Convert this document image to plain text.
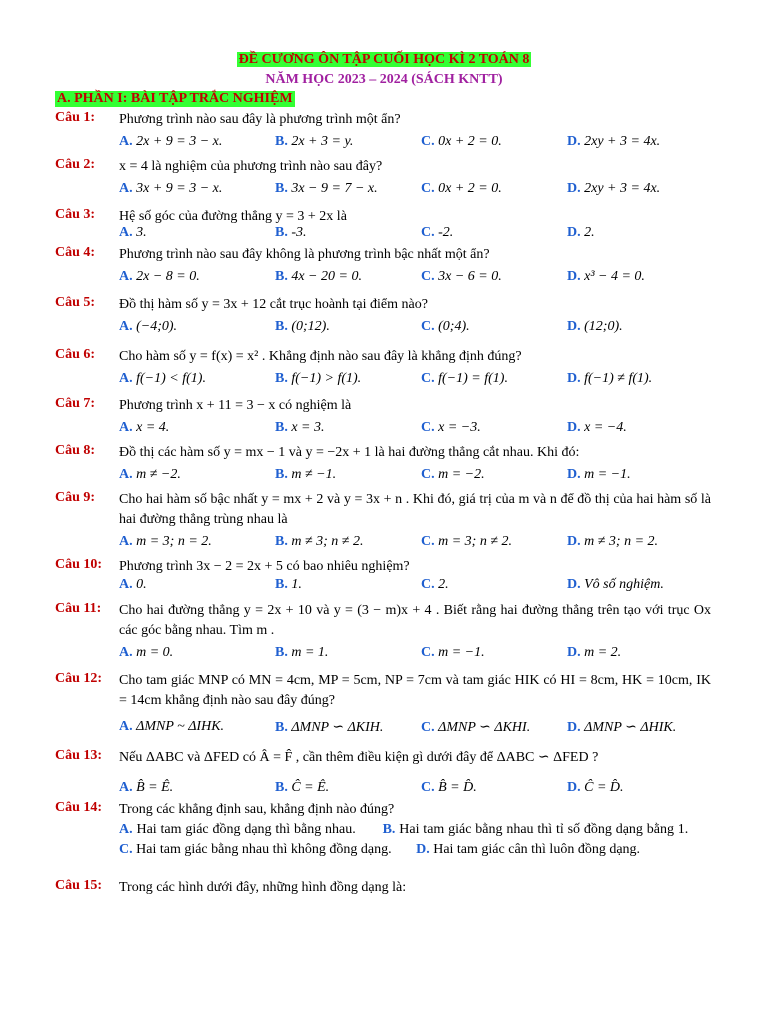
ĐỀ CƯƠNG ÔN TẬP CUỐI HỌC KÌ 2 TOÁN 8
NĂM HỌC 2023 – 2024 (SÁCH KNTT)
A. PHẦN I: BÀI TẬP TRẮC NGHIỆM
Câu 1: Phương trình nào sau đây là phương trình một ẩn?
A. 2x + 9 = 3 − x.	B. 2x + 3 = y.	C. 0x + 2 = 0.	D. 2xy + 3 = 4x.
Câu 2: x = 4 là nghiệm của phương trình nào sau đây?
A. 3x + 9 = 3 − x.	B. 3x − 9 = 7 − x.	C. 0x + 2 = 0.	D. 2xy + 3 = 4x.
Câu 3: Hệ số góc của đường thẳng y = 3 + 2x là
A. 3.	B. -3.	C. -2.	D. 2.
Câu 4: Phương trình nào sau đây không là phương trình bậc nhất một ẩn?
A. 2x − 8 = 0.	B. 4x − 20 = 0.	C. 3x − 6 = 0.	D. x³ − 4 = 0.
Câu 5: Đồ thị hàm số y = 3x + 12 cắt trục hoành tại điểm nào?
A. (−4;0).	B. (0;12).	C. (0;4).	D. (12;0).
Câu 6: Cho hàm số y = f(x) = x² . Khẳng định nào sau đây là khẳng định đúng?
A. f(−1) < f(1).	B. f(−1) > f(1).	C. f(−1) = f(1).	D. f(−1) ≠ f(1).
Câu 7: Phương trình x + 11 = 3 − x có nghiệm là
A. x = 4.	B. x = 3.	C. x = −3.	D. x = −4.
Câu 8: Đồ thị các hàm số y = mx − 1 và y = −2x + 1 là hai đường thẳng cắt nhau. Khi đó:
A. m ≠ −2.	B. m ≠ −1.	C. m = −2.	D. m = −1.
Câu 9: Cho hai hàm số bậc nhất y = mx + 2 và y = 3x + n . Khi đó, giá trị của m và n để đồ thị của hai hàm số là hai đường thẳng trùng nhau là
A. m = 3; n = 2.	B. m ≠ 3; n ≠ 2.	C. m = 3; n ≠ 2.	D. m ≠ 3; n = 2.
Câu 10: Phương trình 3x − 2 = 2x + 5 có bao nhiêu nghiệm?
A. 0.	B. 1.	C. 2.	D. Vô số nghiệm.
Câu 11: Cho hai đường thẳng y = 2x + 10 và y = (3 − m)x + 4 . Biết rằng hai đường thẳng trên tạo với trục Ox các góc bằng nhau. Tìm m .
A. m = 0.	B. m = 1.	C. m = −1.	D. m = 2.
Câu 12: Cho tam giác MNP có MN = 4cm, MP = 5cm, NP = 7cm và tam giác HIK có HI = 8cm, HK = 10cm, IK = 14cm khẳng định nào sau đây đúng?
A. ΔMNP ~ ΔIHK.	B. ΔMNP ∽ ΔKIH.	C. ΔMNP ∽ ΔKHI.	D. ΔMNP ∽ ΔHIK.
Câu 13: Nếu ΔABC và ΔFED có Â = F̂ , cần thêm điều kiện gì dưới đây để ΔABC ∽ ΔFED ?
A. B̂ = Ê.	B. Ĉ = Ê.	C. B̂ = D̂.	D. Ĉ = D̂.
Câu 14: Trong các khẳng định sau, khẳng định nào đúng?
A. Hai tam giác đồng dạng thì bằng nhau.       B. Hai tam giác bằng nhau thì tỉ số đồng dạng bằng 1.       C. Hai tam giác bằng nhau thì không đồng dạng.       D. Hai tam giác cân thì luôn đồng dạng.
Câu 15: Trong các hình dưới đây, những hình đồng dạng là:
